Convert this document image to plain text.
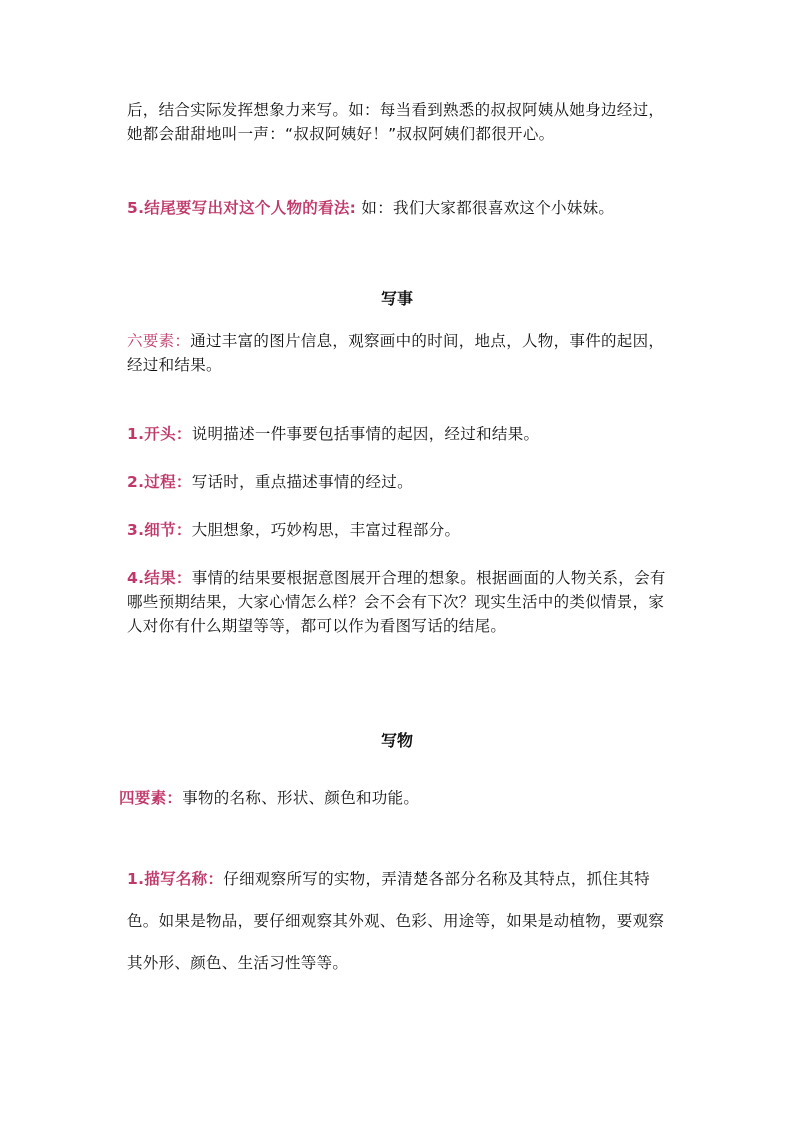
后，结合实际发挥想象力来写。如：每当看到熟悉的叔叔阿姨从她身边经过，她都会甜甜地叫一声：“叔叔阿姨好！”叔叔阿姨们都很开心。

5.结尾要写出对这个人物的看法: 如：我们大家都很喜欢这个小妹妹。

写事

六要素：通过丰富的图片信息，观察画中的时间，地点，人物，事件的起因，经过和结果。

1.开头：说明描述一件事要包括事情的起因，经过和结果。

2.过程：写话时，重点描述事情的经过。

3.细节：大胆想象，巧妙构思，丰富过程部分。

4.结果：事情的结果要根据意图展开合理的想象。根据画面的人物关系，会有哪些预期结果，大家心情怎么样？会不会有下次？现实生活中的类似情景，家人对你有什么期望等等，都可以作为看图写话的结尾。

写物

四要素：事物的名称、形状、颜色和功能。

1.描写名称：仔细观察所写的实物，弄清楚各部分名称及其特点，抓住其特色。如果是物品，要仔细观察其外观、色彩、用途等，如果是动植物，要观察其外形、颜色、生活习性等等。
